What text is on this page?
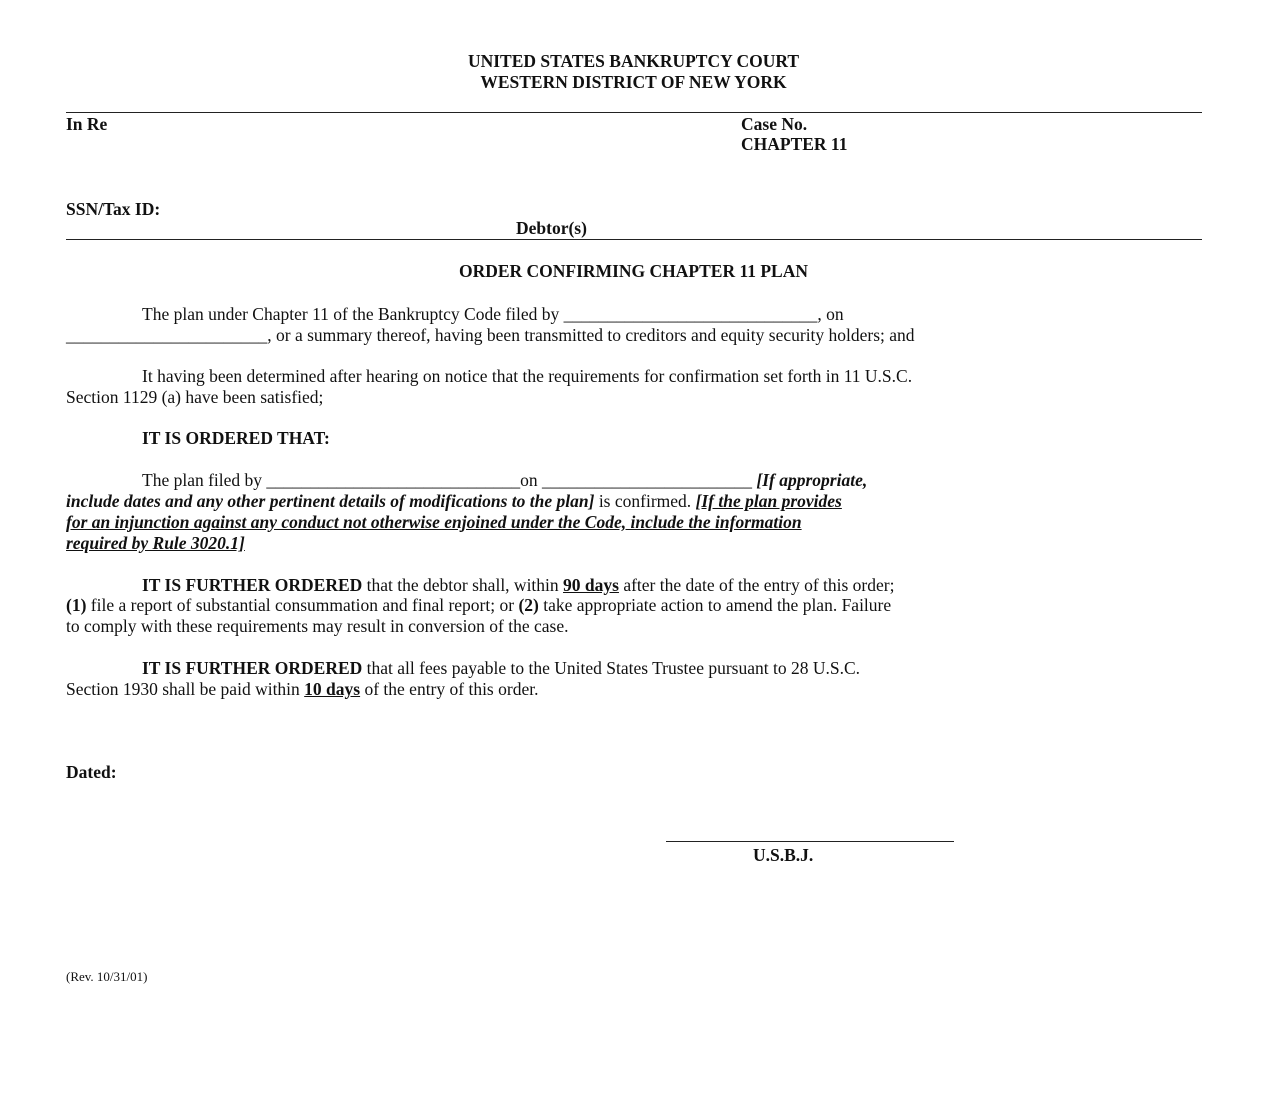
UNITED STATES BANKRUPTCY COURT
WESTERN DISTRICT OF NEW YORK
In Re	Case No.
CHAPTER 11
SSN/Tax ID:
Debtor(s)
ORDER CONFIRMING CHAPTER 11 PLAN
The plan under Chapter 11 of the Bankruptcy Code filed by _____________________________, on
_______________________, or a summary thereof, having been transmitted to creditors and equity security holders; and
It having been determined after hearing on notice that the requirements for confirmation set forth in 11 U.S.C.
Section 1129 (a) have been satisfied;
IT IS ORDERED THAT:
The plan filed by _____________________________on ________________________ [If appropriate,
include dates and any other pertinent details of modifications to the plan] is confirmed. [If the plan provides
for an injunction against any conduct not otherwise enjoined under the Code, include the information
required by Rule 3020.1]
IT IS FURTHER ORDERED that the debtor shall, within 90 days after the date of the entry of this order;
(1) file a report of substantial consummation and final report; or (2) take appropriate action to amend the plan. Failure
to comply with these requirements may result in conversion of the case.
IT IS FURTHER ORDERED that all fees payable to the United States Trustee pursuant to 28 U.S.C.
Section 1930 shall be paid within 10 days of the entry of this order.
Dated:
U.S.B.J.
(Rev. 10/31/01)
